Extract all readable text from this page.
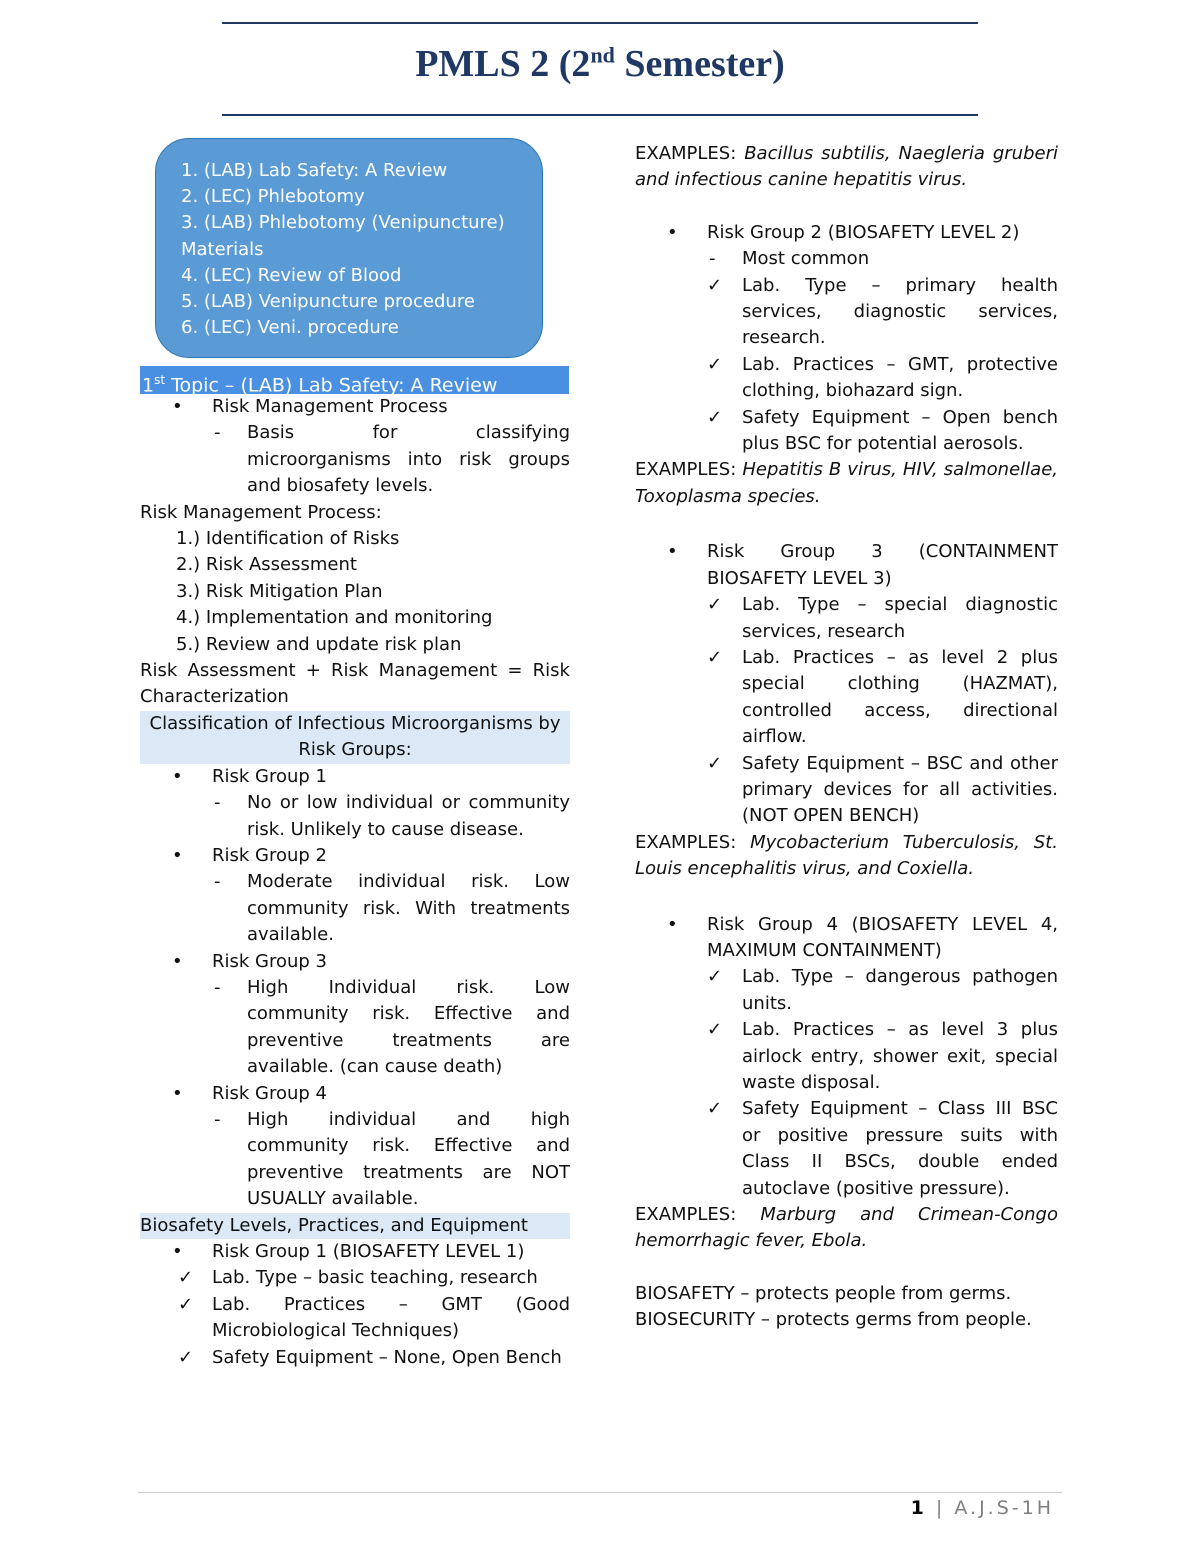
PMLS 2 (2nd Semester)
1. (LAB) Lab Safety: A Review
2. (LEC) Phlebotomy
3. (LAB) Phlebotomy (Venipuncture)
Materials
4. (LEC) Review of Blood
5. (LAB) Venipuncture procedure
6. (LEC) Veni. procedure
1st Topic – (LAB) Lab Safety: A Review
• Risk Management Process
- Basis for classifying microorganisms into risk groups and biosafety levels.
Risk Management Process:
1.) Identification of Risks
2.) Risk Assessment
3.) Risk Mitigation Plan
4.) Implementation and monitoring
5.) Review and update risk plan
Risk Assessment + Risk Management = Risk Characterization
Classification of Infectious Microorganisms by Risk Groups:
• Risk Group 1
- No or low individual or community risk. Unlikely to cause disease.
• Risk Group 2
- Moderate individual risk. Low community risk. With treatments available.
• Risk Group 3
- High Individual risk. Low community risk. Effective and preventive treatments are available. (can cause death)
• Risk Group 4
- High individual and high community risk. Effective and preventive treatments are NOT USUALLY available.
Biosafety Levels, Practices, and Equipment
• Risk Group 1 (BIOSAFETY LEVEL 1)
✓ Lab. Type – basic teaching, research
✓ Lab. Practices – GMT (Good Microbiological Techniques)
✓ Safety Equipment – None, Open Bench
EXAMPLES: Bacillus subtilis, Naegleria gruberi and infectious canine hepatitis virus.
• Risk Group 2 (BIOSAFETY LEVEL 2)
- Most common
✓ Lab. Type – primary health services, diagnostic services, research.
✓ Lab. Practices – GMT, protective clothing, biohazard sign.
✓ Safety Equipment – Open bench plus BSC for potential aerosols.
EXAMPLES: Hepatitis B virus, HIV, salmonellae, Toxoplasma species.
• Risk Group 3 (CONTAINMENT BIOSAFETY LEVEL 3)
✓ Lab. Type – special diagnostic services, research
✓ Lab. Practices – as level 2 plus special clothing (HAZMAT), controlled access, directional airflow.
✓ Safety Equipment – BSC and other primary devices for all activities. (NOT OPEN BENCH)
EXAMPLES: Mycobacterium Tuberculosis, St. Louis encephalitis virus, and Coxiella.
• Risk Group 4 (BIOSAFETY LEVEL 4, MAXIMUM CONTAINMENT)
✓ Lab. Type – dangerous pathogen units.
✓ Lab. Practices – as level 3 plus airlock entry, shower exit, special waste disposal.
✓ Safety Equipment – Class III BSC or positive pressure suits with Class II BSCs, double ended autoclave (positive pressure).
EXAMPLES: Marburg and Crimean-Congo hemorrhagic fever, Ebola.
BIOSAFETY – protects people from germs.
BIOSECURITY – protects germs from people.
1 | A.J.S-1H
